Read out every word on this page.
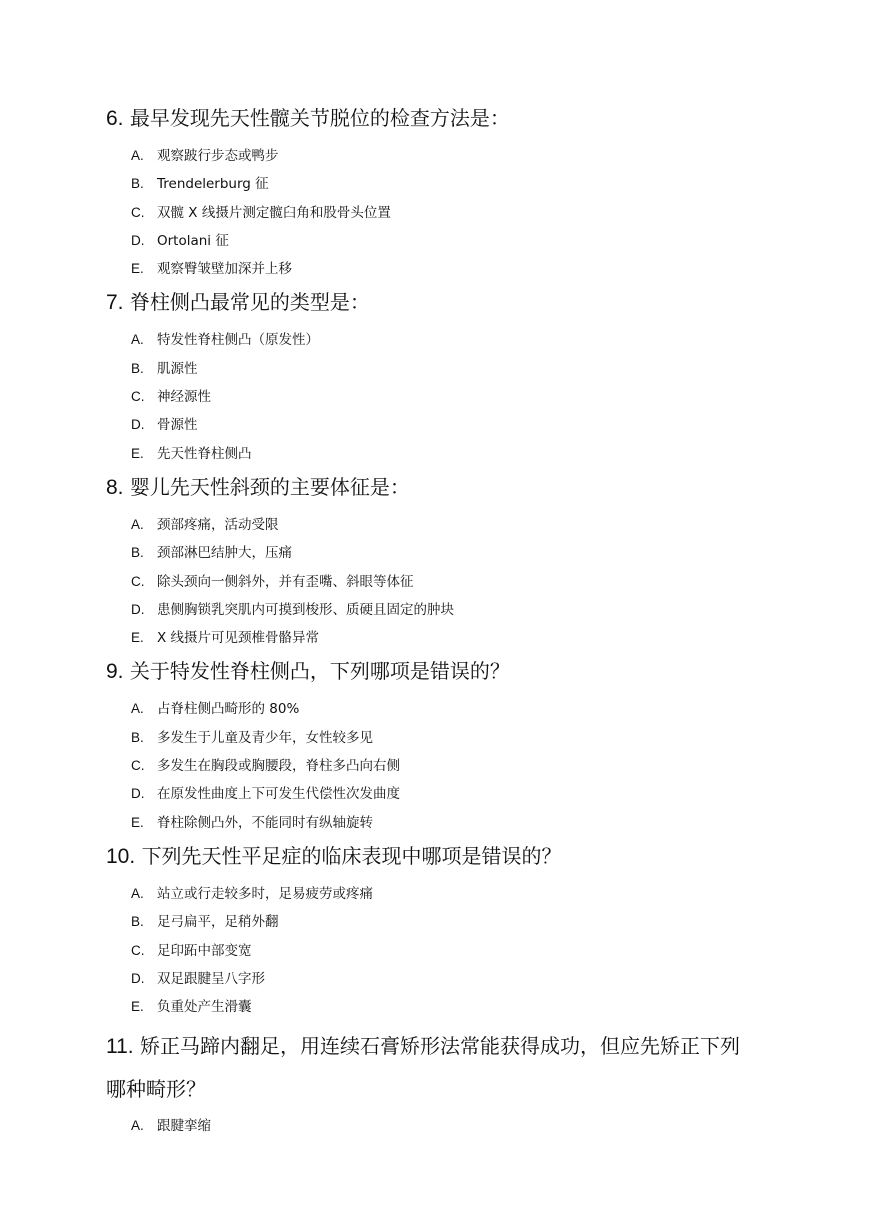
6. 最早发现先天性髋关节脱位的检查方法是：
A. 观察跛行步态或鸭步
B. Trendelerburg 征
C. 双髋 X 线摄片测定髋臼角和股骨头位置
D. Ortolani 征
E. 观察臀皱壁加深并上移
7. 脊柱侧凸最常见的类型是：
A. 特发性脊柱侧凸（原发性）
B. 肌源性
C. 神经源性
D. 骨源性
E. 先天性脊柱侧凸
8. 婴儿先天性斜颈的主要体征是：
A. 颈部疼痛，活动受限
B. 颈部淋巴结肿大，压痛
C. 除头颈向一侧斜外，并有歪嘴、斜眼等体征
D. 患侧胸锁乳突肌内可摸到梭形、质硬且固定的肿块
E. X 线摄片可见颈椎骨骼异常
9. 关于特发性脊柱侧凸，下列哪项是错误的？
A. 占脊柱侧凸畸形的 80%
B. 多发生于儿童及青少年，女性较多见
C. 多发生在胸段或胸腰段，脊柱多凸向右侧
D. 在原发性曲度上下可发生代偿性次发曲度
E. 脊柱除侧凸外，不能同时有纵轴旋转
10. 下列先天性平足症的临床表现中哪项是错误的？
A. 站立或行走较多时，足易疲劳或疼痛
B. 足弓扁平，足稍外翻
C. 足印跖中部变宽
D. 双足跟腱呈八字形
E. 负重处产生滑囊
11. 矫正马蹄内翻足，用连续石膏矫形法常能获得成功，但应先矫正下列
哪种畸形？
A. 跟腱挛缩
